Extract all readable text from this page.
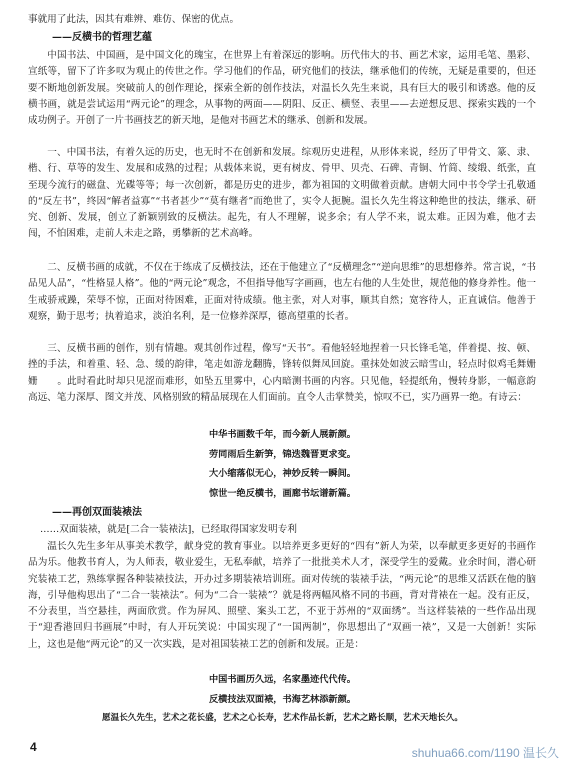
事就用了此法，因其有难辨、难仿、保密的优点。

——反横书的哲理艺蕴

中国书法、中国画，是中国文化的瑰宝，在世界上有着深远的影响。历代伟大的书、画艺术家，运用毛笔、墨彩、宣纸等，留下了许多叹为观止的传世之作。学习他们的作品，研究他们的技法，继承他们的传统，无疑是重要的，但还要不断地创新发展。突破前人的创作理论，探索全新的创作技法，对温长久先生来说，具有巨大的吸引和诱惑。他的反横书画，就是尝试运用“两元论”的理念，从事物的两面——阴阳、反正、横竖、表里——去逆想反思、探索实践的一个成功例子。开创了一片书画技艺的新天地，是他对书画艺术的继承、创新和发展。

一、中国书法，有着久远的历史，也无时不在创新和发展。综观历史进程，从形体来说，经历了甲骨文、篆、隶、楷、行、草等的发生、发展和成熟的过程；从载体来说，更有树皮、骨甲、贝壳、石碑、青铜、竹简、绫缎、纸张，直至现今流行的磁盘、光碟等等；每一次创新，都是历史的进步，都为祖国的文明做着贡献。唐朝大同中书令学士孔敬通的“反左书”，终因“解者益寡”“书者甚少”“莫有继者”而绝世了，实令人扼腕。温长久先生将这种绝世的技法，继承、研究、创新、发展，创立了新颖别致的反横法。起先，有人不理解，说多余；有人学不来，说太难。正因为难，他才去闯，不怕困难，走前人未走之路，勇攀新的艺术高峰。

二、反横书画的成就，不仅在于练成了反横技法，还在于他建立了“反横理念”“逆向思维”的思想修养。常言说，“书品见人品”，“性格显人格”。他的“两元论”观念，不但指导他写字画画，也左右他的人生处世，规范他的修身养性。他一生戒骄戒躁，荣辱不惊，正面对待困难，正面对待成绩。他主张，对人对事，顺其自然；宽容待人，正直诚信。他善于观察，勤于思考；执着追求，淡泊名利，是一位修养深厚，德高望重的长者。

三、反横书画的创作，别有情趣。观其创作过程，像写“天书”。看他轻轻地捏着一只长锋毛笔，伴着提、按、顿、挫的手法，和着重、轻、急、缓的韵律，笔走如游龙翻腾，锋转似舞凤回旋。重抹处如波云暗雪山，轻点时似鸡毛舞姗姗　　。此时看此时却只见涩而难形，如坠五里雾中，心内暗测书画的内容。只见他，轻提纸角，慢转身影，一幅意韵高远、笔力深厚、图文并茂、风格别致的精品展现在人们面前。直令人击掌赞美，惊叹不已，实乃画界一绝。有诗云：

中华书画数千年，而今新人展新颜。
劳同雨后生新笋，锦迭魏晋更求变。
大小缩落似无心，神妙反转一瞬间。
惊世一绝反横书，画廊书坛谱新篇。

——再创双面装裱法

……双面装裱，就是[二合一装裱法]，已经取得国家发明专利

温长久先生多年从事美术教学，献身党的教育事业。以培养更多更好的“四有”新人为荣，以奉献更多更好的书画作品为乐。他教书育人，为人师表，敬业爱生，无私奉献，培养了一批批美术人才，深受学生的爱戴。业余时间，潜心研究装裱工艺，熟练掌握各种装裱技法，开办过多期装裱培训班。面对传统的装裱手法，“两元论”的思维又活跃在他的脑海，引导他构思出了“二合一装裱法”。何为“二合一装裱”？就是将两幅风格不同的书画，背对背裱在一起。没有正反，不分表里，当空悬挂，两面欣赏。作为屏风、照壁、案头工艺，不亚于苏州的“双面绣”。当这样装裱的一些作品出现于“迎香港回归书画展”中时，有人开玩笑说：中国实现了“一国两制”，你思想出了“双画一裱”，又是一大创新！实际上，这也是他“两元论”的又一次实践，是对祖国装裱工艺的创新和发展。正是：

中国书画历久远，名家墨迹代代传。
反横技法双面裱，书海艺林添新颜。
愿温长久先生，艺术之花长盛，艺术之心长寿，艺术作品长新，艺术之路长顺，艺术天地长久。
4	shuhua66.com/1190 温长久
